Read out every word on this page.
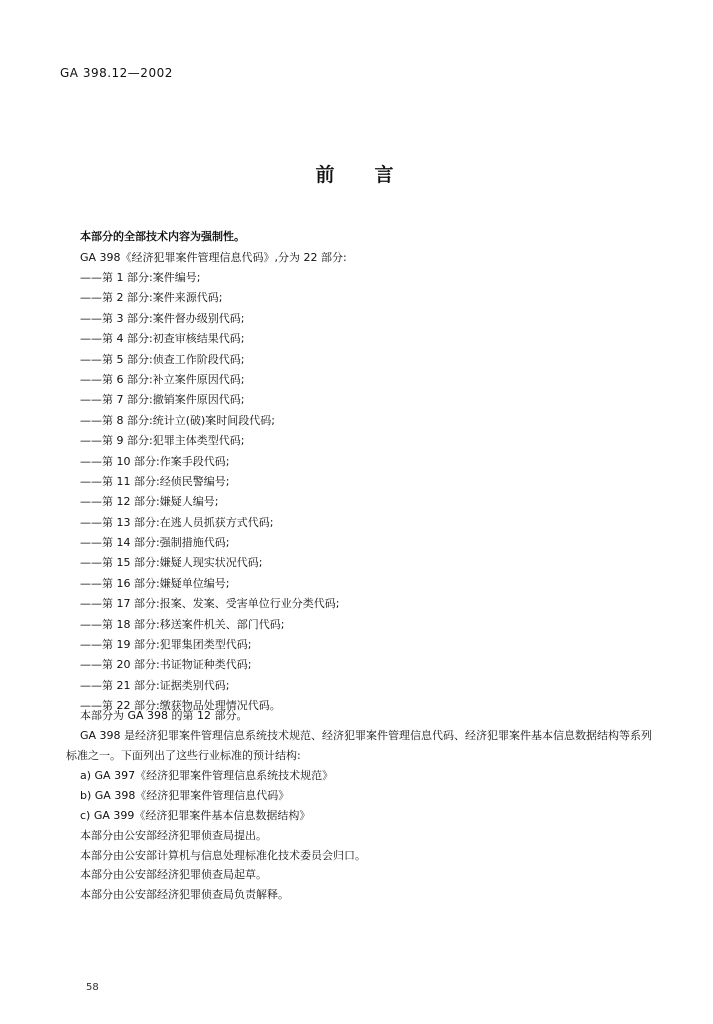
GA 398.12—2002
前言
本部分的全部技术内容为强制性。
GA 398《经济犯罪案件管理信息代码》,分为 22 部分:
——第 1 部分:案件编号;
——第 2 部分:案件来源代码;
——第 3 部分:案件督办级别代码;
——第 4 部分:初查审核结果代码;
——第 5 部分:侦查工作阶段代码;
——第 6 部分:补立案件原因代码;
——第 7 部分:撤销案件原因代码;
——第 8 部分:统计立(破)案时间段代码;
——第 9 部分:犯罪主体类型代码;
——第 10 部分:作案手段代码;
——第 11 部分:经侦民警编号;
——第 12 部分:嫌疑人编号;
——第 13 部分:在逃人员抓获方式代码;
——第 14 部分:强制措施代码;
——第 15 部分:嫌疑人现实状况代码;
——第 16 部分:嫌疑单位编号;
——第 17 部分:报案、发案、受害单位行业分类代码;
——第 18 部分:移送案件机关、部门代码;
——第 19 部分:犯罪集团类型代码;
——第 20 部分:书证物证种类代码;
——第 21 部分:证据类别代码;
——第 22 部分:缴获物品处理情况代码。
本部分为 GA 398 的第 12 部分。
GA 398 是经济犯罪案件管理信息系统技术规范、经济犯罪案件管理信息代码、经济犯罪案件基本信息数据结构等系列标准之一。下面列出了这些行业标准的预计结构:
a) GA 397《经济犯罪案件管理信息系统技术规范》
b) GA 398《经济犯罪案件管理信息代码》
c) GA 399《经济犯罪案件基本信息数据结构》
本部分由公安部经济犯罪侦查局提出。
本部分由公安部计算机与信息处理标准化技术委员会归口。
本部分由公安部经济犯罪侦查局起草。
本部分由公安部经济犯罪侦查局负责解释。
58
